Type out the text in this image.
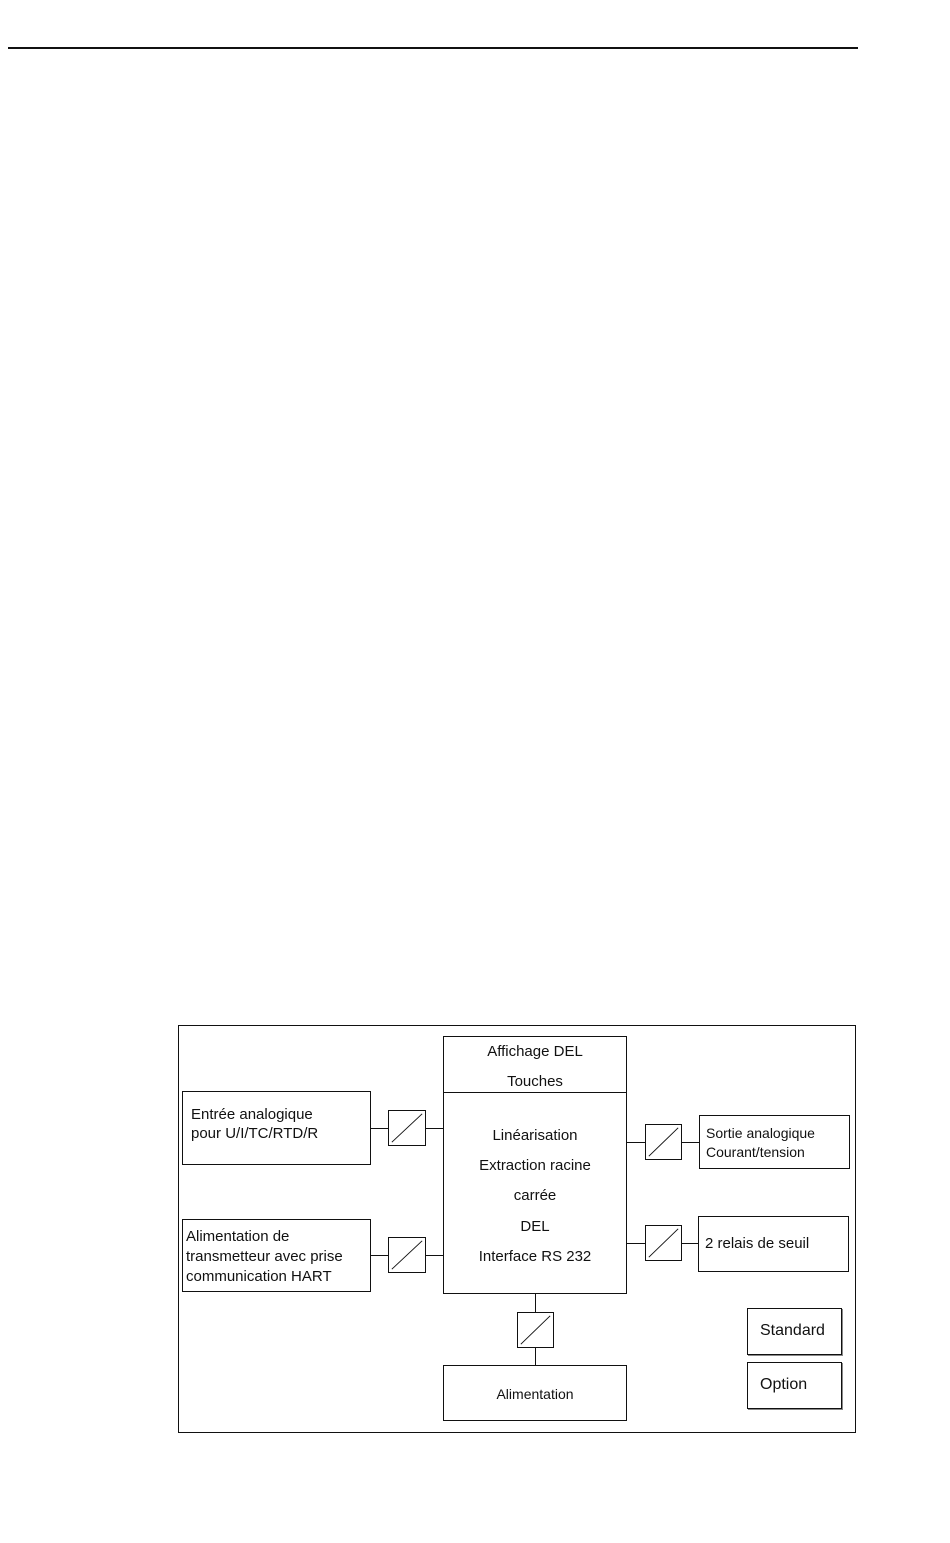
Affichage DEL
Touches
Linéarisation
Extraction racine
carrée
DEL
Interface RS 232
Entrée analogique
pour U/I/TC/RTD/R
Alimentation de
transmetteur avec prise
communication HART
Sortie analogique
Courant/tension
2 relais de seuil
Alimentation
Standard
Option
